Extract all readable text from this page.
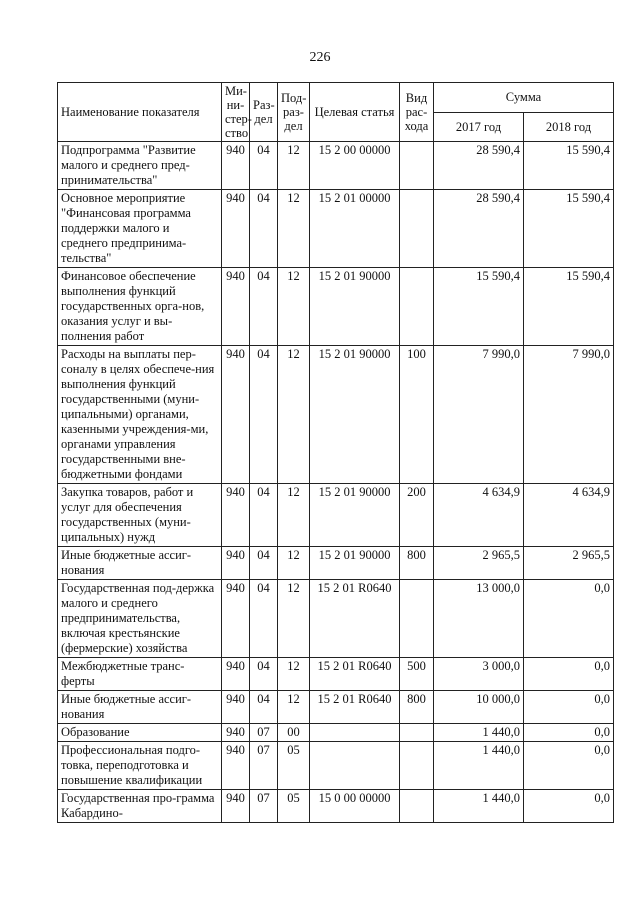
226
Наименование показателя	Ми-ни-стер-ство	Раз-дел	Под-раз-дел	Целевая статья	Вид рас-хода	Сумма	
						2017 год	2018 год
Подпрограмма "Развитие малого и среднего пред-принимательства"	940	04	12	15 2 00 00000		28 590,4	15 590,4
Основное мероприятие "Финансовая программа поддержки малого и среднего предпринима-тельства"	940	04	12	15 2 01 00000		28 590,4	15 590,4
Финансовое обеспечение выполнения функций государственных орга-нов, оказания услуг и вы-полнения работ	940	04	12	15 2 01 90000		15 590,4	15 590,4
Расходы на выплаты пер-соналу в целях обеспече-ния выполнения функций государственными (муни-ципальными) органами, казенными учреждения-ми, органами управления государственными вне-бюджетными фондами	940	04	12	15 2 01 90000	100	7 990,0	7 990,0
Закупка товаров, работ и услуг для обеспечения государственных (муни-ципальных) нужд	940	04	12	15 2 01 90000	200	4 634,9	4 634,9
Иные бюджетные ассиг-нования	940	04	12	15 2 01 90000	800	2 965,5	2 965,5
Государственная под-держка малого и среднего предпринимательства, включая крестьянские (фермерские) хозяйства	940	04	12	15 2 01 R0640		13 000,0	0,0
Межбюджетные транс-ферты	940	04	12	15 2 01 R0640	500	3 000,0	0,0
Иные бюджетные ассиг-нования	940	04	12	15 2 01 R0640	800	10 000,0	0,0
Образование	940	07	00			1 440,0	0,0
Профессиональная подго-товка, переподготовка и повышение квалификации	940	07	05			1 440,0	0,0
Государственная про-грамма Кабардино-	940	07	05	15 0 00 00000		1 440,0	0,0
